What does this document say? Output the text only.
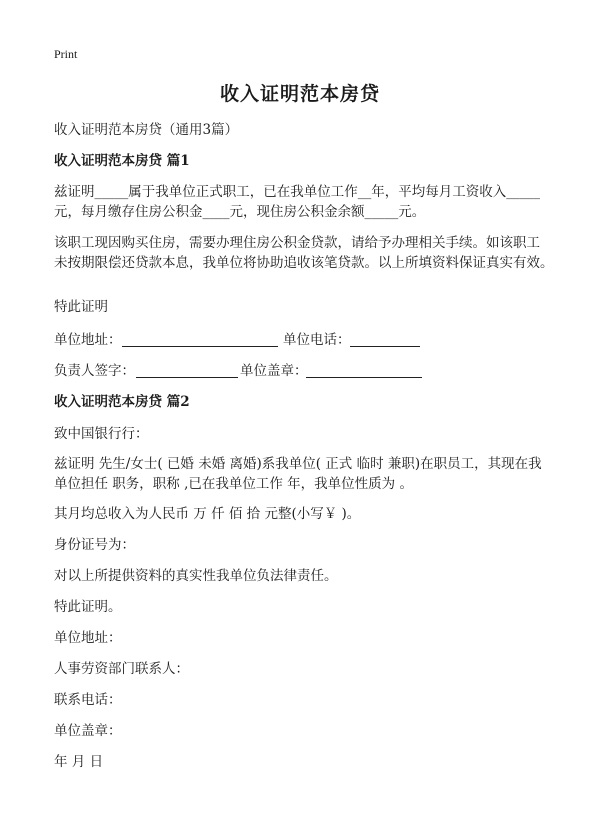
Print
收入证明范本房贷
收入证明范本房贷（通用3篇）
收入证明范本房贷 篇1
兹证明_____属于我单位正式职工，已在我单位工作__年，平均每月工资收入_____
元，每月缴存住房公积金____元，现住房公积金余额_____元。
该职工现因购买住房，需要办理住房公积金贷款，请给予办理相关手续。如该职工
未按期限偿还贷款本息，我单位将协助追收该笔贷款。以上所填资料保证真实有效。
特此证明
单位地址：	单位电话：
负责人签字：	单位盖章：
收入证明范本房贷 篇2
致中国银行行：
兹证明 先生/女士( 已婚 未婚 离婚)系我单位( 正式 临时 兼职)在职员工，其现在我
单位担任 职务，职称 ,已在我单位工作 年，我单位性质为 。
其月均总收入为人民币 万 仟 佰 拾 元整(小写￥ )。
身份证号为：
对以上所提供资料的真实性我单位负法律责任。
特此证明。
单位地址：
人事劳资部门联系人：
联系电话：
单位盖章：
年 月 日
